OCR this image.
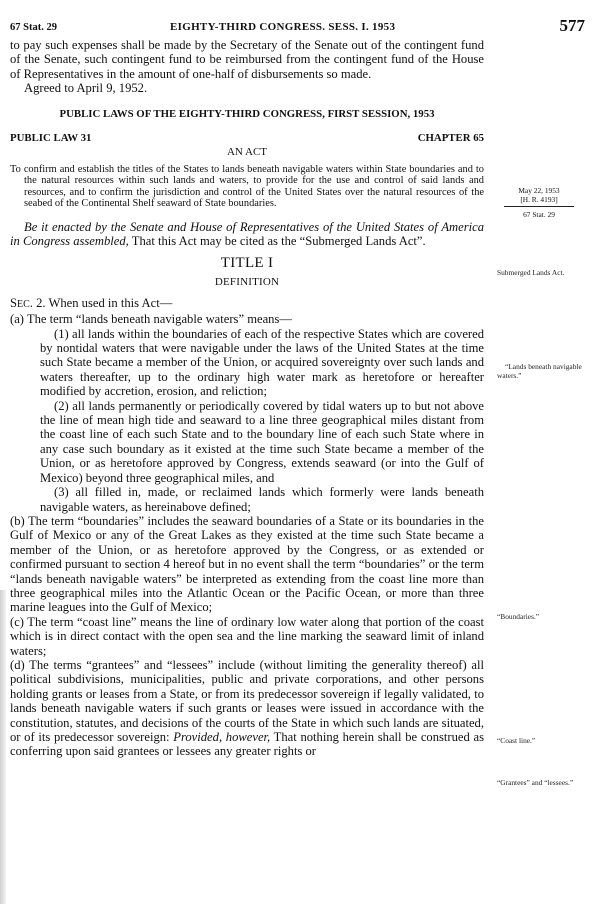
67 Stat. 29	EIGHTY-THIRD CONGRESS. SESS. I. 1953	577

to pay such expenses shall be made by the Secretary of the Senate out of the contingent fund of the Senate, such contingent fund to be reimbursed from the contingent fund of the House of Representatives in the amount of one-half of disbursements so made.

Agreed to April 9, 1952.

PUBLIC LAWS OF THE EIGHTY-THIRD CONGRESS, FIRST SESSION, 1953

PUBLIC LAW 31	CHAPTER 65

AN ACT

To confirm and establish the titles of the States to lands beneath navigable waters within State boundaries and to the natural resources within such lands and waters, to provide for the use and control of said lands and resources, and to confirm the jurisdiction and control of the United States over the natural resources of the seabed of the Continental Shelf seaward of State boundaries.

Be it enacted by the Senate and House of Representatives of the United States of America in Congress assembled, That this Act may be cited as the “Submerged Lands Act”.

TITLE I

DEFINITION

SEC. 2. When used in this Act—

(a) The term “lands beneath navigable waters” means—

(1) all lands within the boundaries of each of the respective States which are covered by nontidal waters that were navigable under the laws of the United States at the time such State became a member of the Union, or acquired sovereignty over such lands and waters thereafter, up to the ordinary high water mark as heretofore or hereafter modified by accretion, erosion, and reliction;

(2) all lands permanently or periodically covered by tidal waters up to but not above the line of mean high tide and seaward to a line three geographical miles distant from the coast line of each such State and to the boundary line of each such State where in any case such boundary as it existed at the time such State became a member of the Union, or as heretofore approved by Congress, extends seaward (or into the Gulf of Mexico) beyond three geographical miles, and

(3) all filled in, made, or reclaimed lands which formerly were lands beneath navigable waters, as hereinabove defined;

(b) The term “boundaries” includes the seaward boundaries of a State or its boundaries in the Gulf of Mexico or any of the Great Lakes as they existed at the time such State became a member of the Union, or as heretofore approved by the Congress, or as extended or confirmed pursuant to section 4 hereof but in no event shall the term “boundaries” or the term “lands beneath navigable waters” be interpreted as extending from the coast line more than three geographical miles into the Atlantic Ocean or the Pacific Ocean, or more than three marine leagues into the Gulf of Mexico;

(c) The term “coast line” means the line of ordinary low water along that portion of the coast which is in direct contact with the open sea and the line marking the seaward limit of inland waters;

(d) The terms “grantees” and “lessees” include (without limiting the generality thereof) all political subdivisions, municipalities, public and private corporations, and other persons holding grants or leases from a State, or from its predecessor sovereign if legally validated, to lands beneath navigable waters if such grants or leases were issued in accordance with the constitution, statutes, and decisions of the courts of the State in which such lands are situated, or of its predecessor sovereign: Provided, however, That nothing herein shall be construed as conferring upon said grantees or lessees any greater rights or

May 22, 1953
[H. R. 4193]
67 Stat. 29
Submerged Lands Act.
“Lands beneath navigable waters.”
“Boundaries.”
“Coast line.”
“Grantees” and “lessees.”
